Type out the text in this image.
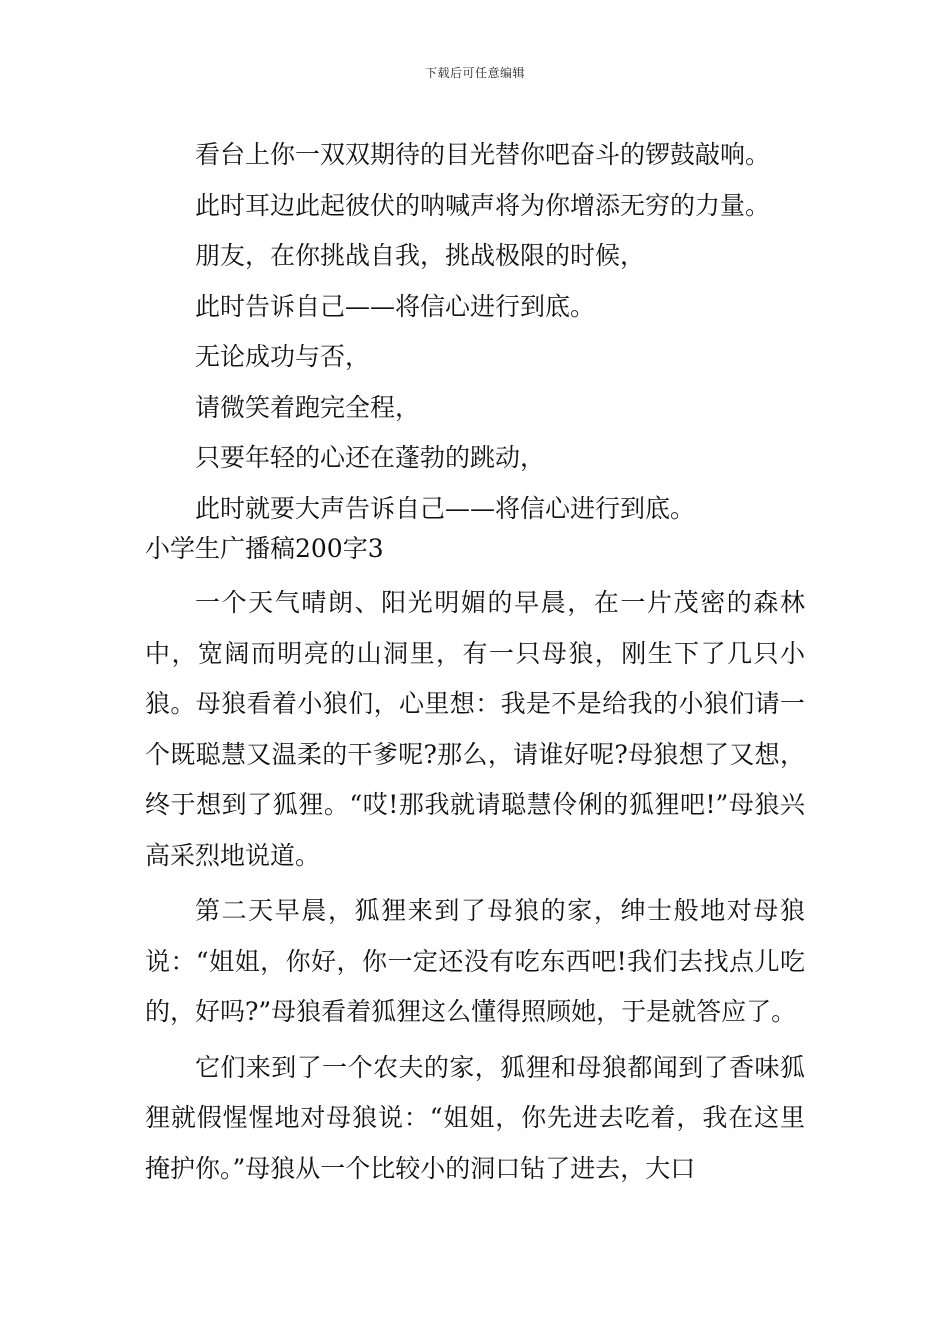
下载后可任意编辑
看台上你一双双期待的目光替你吧奋斗的锣鼓敲响。
此时耳边此起彼伏的呐喊声将为你增添无穷的力量。
朋友，在你挑战自我，挑战极限的时候，
此时告诉自己——将信心进行到底。
无论成功与否，
请微笑着跑完全程，
只要年轻的心还在蓬勃的跳动，
此时就要大声告诉自己——将信心进行到底。
小学生广播稿200字3

一个天气晴朗、阳光明媚的早晨，在一片茂密的森林中，宽阔而明亮的山洞里，有一只母狼，刚生下了几只小狼。母狼看着小狼们，心里想：我是不是给我的小狼们请一个既聪慧又温柔的干爹呢?那么，请谁好呢?母狼想了又想，终于想到了狐狸。“哎!那我就请聪慧伶俐的狐狸吧!”母狼兴高采烈地说道。

第二天早晨，狐狸来到了母狼的家，绅士般地对母狼说：“姐姐，你好，你一定还没有吃东西吧!我们去找点儿吃的，好吗?”母狼看着狐狸这么懂得照顾她，于是就答应了。

它们来到了一个农夫的家，狐狸和母狼都闻到了香味狐狸就假惺惺地对母狼说：“姐姐，你先进去吃着，我在这里掩护你。”母狼从一个比较小的洞口钻了进去，大口
